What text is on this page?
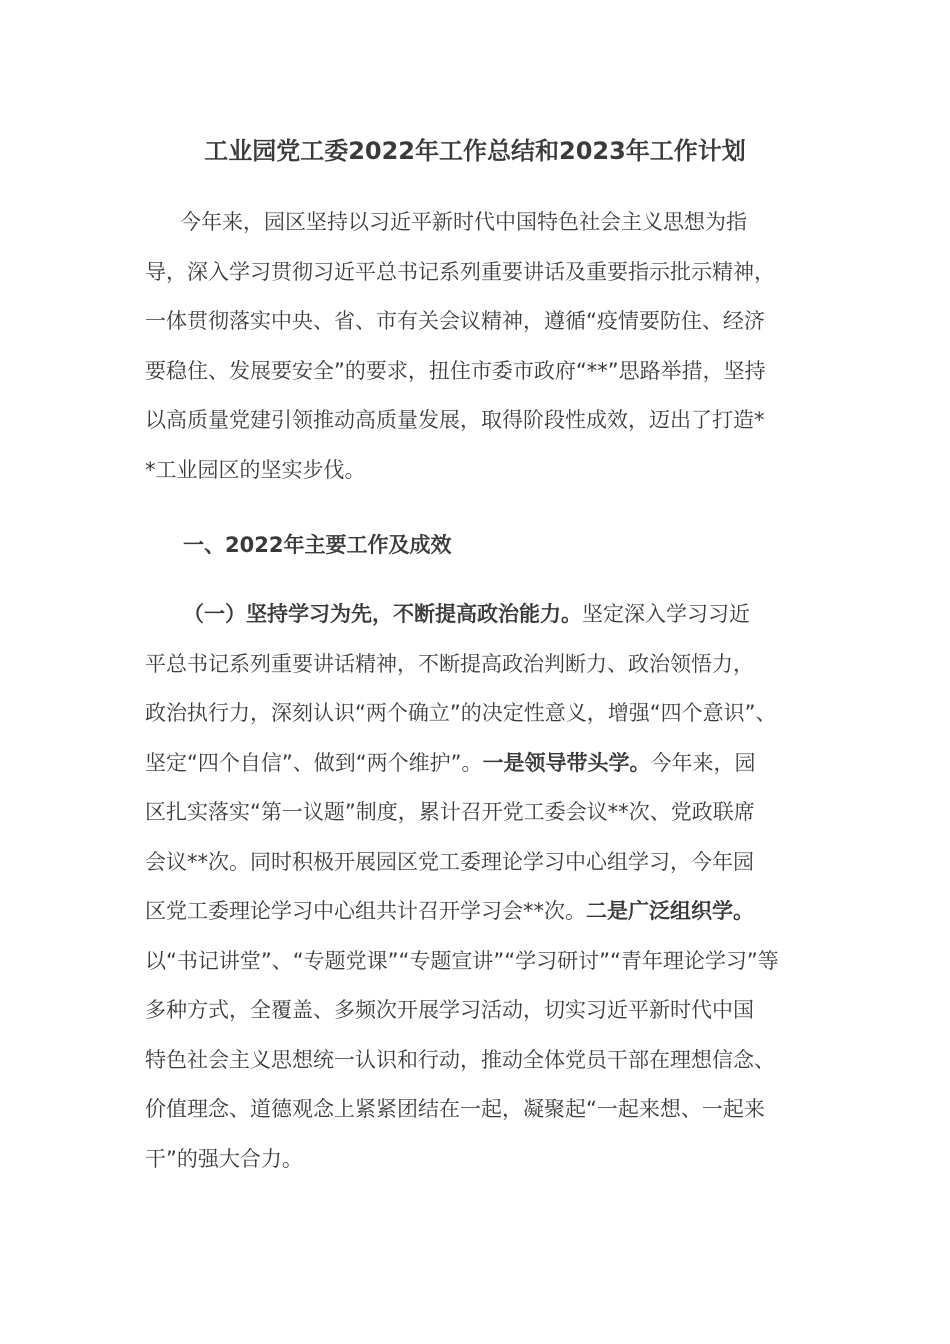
工业园党工委2022年工作总结和2023年工作计划

今年来，园区坚持以习近平新时代中国特色社会主义思想为指
导，深入学习贯彻习近平总书记系列重要讲话及重要指示批示精神，
一体贯彻落实中央、省、市有关会议精神，遵循“疫情要防住、经济
要稳住、发展要安全”的要求，扭住市委市政府“**”思路举措，坚持
以高质量党建引领推动高质量发展，取得阶段性成效，迈出了打造*
*工业园区的坚实步伐。

一、2022年主要工作及成效

（一）坚持学习为先，不断提高政治能力。坚定深入学习习近
平总书记系列重要讲话精神，不断提高政治判断力、政治领悟力，
政治执行力，深刻认识“两个确立”的决定性意义，增强“四个意识”、
坚定“四个自信”、做到“两个维护”。一是领导带头学。今年来，园
区扎实落实“第一议题”制度，累计召开党工委会议**次、党政联席
会议**次。同时积极开展园区党工委理论学习中心组学习，今年园
区党工委理论学习中心组共计召开学习会**次。二是广泛组织学。
以“书记讲堂”、“专题党课”“专题宣讲”“学习研讨”“青年理论学习”等
多种方式，全覆盖、多频次开展学习活动，切实习近平新时代中国
特色社会主义思想统一认识和行动，推动全体党员干部在理想信念、
价值理念、道德观念上紧紧团结在一起，凝聚起“一起来想、一起来
干”的强大合力。
